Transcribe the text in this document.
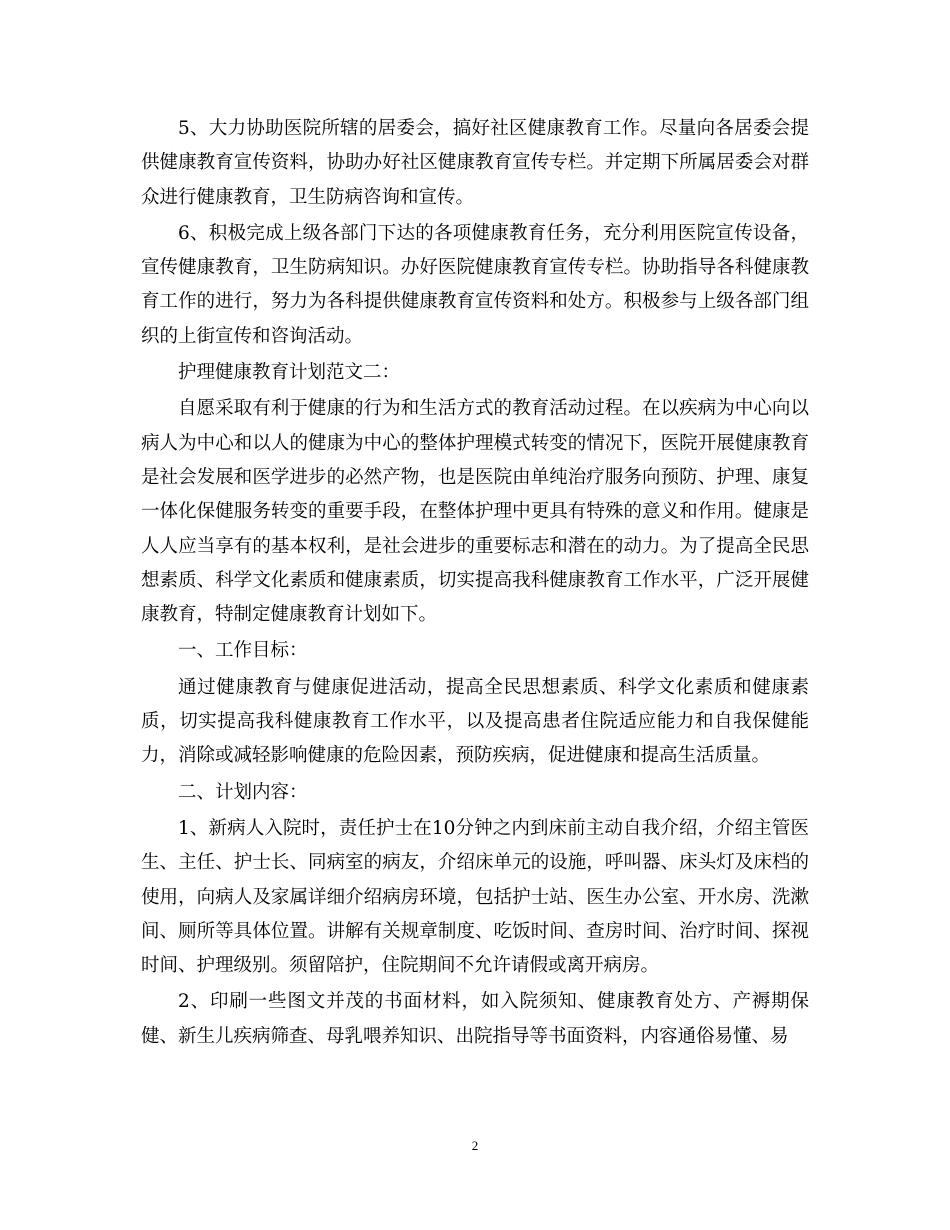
5、大力协助医院所辖的居委会，搞好社区健康教育工作。尽量向各居委会提供健康教育宣传资料，协助办好社区健康教育宣传专栏。并定期下所属居委会对群众进行健康教育，卫生防病咨询和宣传。

6、积极完成上级各部门下达的各项健康教育任务，充分利用医院宣传设备，宣传健康教育，卫生防病知识。办好医院健康教育宣传专栏。协助指导各科健康教育工作的进行，努力为各科提供健康教育宣传资料和处方。积极参与上级各部门组织的上街宣传和咨询活动。

护理健康教育计划范文二：

自愿采取有利于健康的行为和生活方式的教育活动过程。在以疾病为中心向以病人为中心和以人的健康为中心的整体护理模式转变的情况下，医院开展健康教育是社会发展和医学进步的必然产物，也是医院由单纯治疗服务向预防、护理、康复一体化保健服务转变的重要手段，在整体护理中更具有特殊的意义和作用。健康是人人应当享有的基本权利，是社会进步的重要标志和潜在的动力。为了提高全民思想素质、科学文化素质和健康素质，切实提高我科健康教育工作水平，广泛开展健康教育，特制定健康教育计划如下。

一、工作目标：

通过健康教育与健康促进活动，提高全民思想素质、科学文化素质和健康素质，切实提高我科健康教育工作水平，以及提高患者住院适应能力和自我保健能力，消除或减轻影响健康的危险因素，预防疾病，促进健康和提高生活质量。

二、计划内容：

1、新病人入院时，责任护士在10分钟之内到床前主动自我介绍，介绍主管医生、主任、护士长、同病室的病友，介绍床单元的设施，呼叫器、床头灯及床档的使用，向病人及家属详细介绍病房环境，包括护士站、医生办公室、开水房、洗漱间、厕所等具体位置。讲解有关规章制度、吃饭时间、查房时间、治疗时间、探视时间、护理级别。须留陪护，住院期间不允许请假或离开病房。

2、印刷一些图文并茂的书面材料，如入院须知、健康教育处方、产褥期保健、新生儿疾病筛查、母乳喂养知识、出院指导等书面资料，内容通俗易懂、易

2
